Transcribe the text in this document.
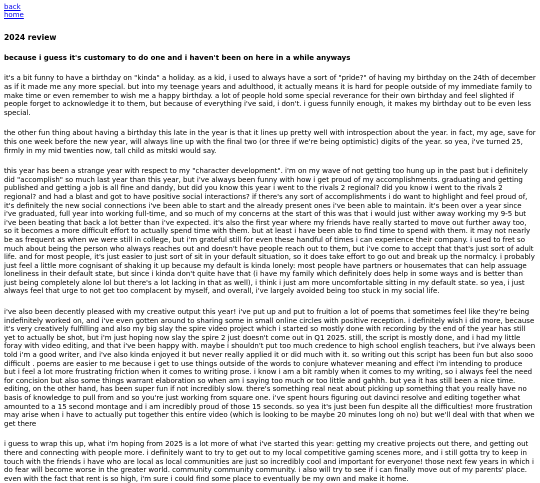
back
home
2024 review
because i guess it's customary to do one and i haven't been on here in a while anyways

it's a bit funny to have a birthday on "kinda" a holiday. as a kid, i used to always have a sort of "pride?" of having my birthday on the 24th of december as if it made me any more special. but into my teenage years and adulthood, it actually means it is hard for people outside of my immediate family to make time or even remember to wish me a happy birthday. a lot of people hold some special reverance for their own birthday and feel slighted if people forget to acknowledge it to them, but because of everything i've said, i don't. i guess funnily enough, it makes my birthday out to be even less special.

the other fun thing about having a birthday this late in the year is that it lines up pretty well with introspection about the year. in fact, my age, save for this one week before the new year, will always line up with the final two (or three if we're being optimistic) digits of the year. so yea, i've turned 25, firmly in my mid twenties now, tall child as mitski would say.

this year has been a strange year with respect to my "character development". i'm on my wave of not getting too hung up in the past but i definitely did "accomplish" so much last year than this year, but i've always been funny with how i get proud of my accomplishments. graduating and getting published and getting a job is all fine and dandy, but did you know this year i went to the rivals 2 regional? did you know i went to the rivals 2 regional? and had a blast and got to have positive social interactions? if there's any sort of accomplishments i do want to highlight and feel proud of, it's definitely the new social connections i've been able to start and the already present ones i've been able to maintain. it's been over a year since i've graduated, full year into working full-time, and so much of my concerns at the start of this was that i would just wither away working my 9-5 but i've been beating that back a lot better than i've expected. it's also the first year where my friends have really started to move out further away too, so it becomes a more difficult effort to actually spend time with them. but at least i have been able to find time to spend with them. it may not nearly be as frequent as when we were still in college, but i'm grateful still for even these handful of times i can experience their company. i used to fret so much about being the person who always reaches out and doesn't have people reach out to them, but i've come to accept that that's just sort of adult life. and for most people, it's just easier to just sort of sit in your default situation, so it does take effort to go out and break up the normalcy. i probably just feel a little more cognisant of shaking it up because my default is kinda lonely: most people have partners or housemates that can help assuage loneliness in their default state, but since i kinda don't quite have that (i have my family which definitely does help in some ways and is better than just being completely alone lol but there's a lot lacking in that as well), i think i just am more uncomfortable sitting in my default state. so yea, i just always feel that urge to not get too complacent by myself, and overall, i've largely avoided being too stuck in my social life.

i've also been decently pleased with my creative output this year! i've put up and put to fruition a lot of poems that sometimes feel like they're being indefinitely worked on, and i've even gotten around to sharing some in small online circles with positive reception. i definitely wish i did more, because it's very creatively fulfilling and also my big slay the spire video project which i started so mostly done with recording by the end of the year has still yet to actually be shot, but i'm just hoping now slay the spire 2 just doesn't come out in Q1 2025. still, the script is mostly done, and i had my little foray with video editing, and that i've been happy with. maybe i shouldn't put too much credence to high school english teachers, but i've always been told i'm a good writer, and i've also kinda enjoyed it but never really applied it or did much with it. so writing out this script has been fun but also sooo difficult . poems are easier to me because i get to use things outside of the words to conjure whatever meaning and effect i'm intending to produce but i feel a lot more frustrating friction when it comes to writing prose. i know i am a bit rambly when it comes to my writing, so i always feel the need for concision but also some things warrant elaboration so when am i saying too much or too little and gahhh. but yea it has still been a nice time. editing, on the other hand, has been super fun if not incredibly slow. there's something real neat about picking up something that you really have no basis of knowledge to pull from and so you're just working from square one. i've spent hours figuring out davinci resolve and editing together what amounted to a 15 second montage and i am incredibly proud of those 15 seconds. so yea it's just been fun despite all the difficulties! more frustration may arise when i have to actually put together this entire video (which is looking to be maybe 20 minutes long oh no) but we'll deal with that when we get there

i guess to wrap this up, what i'm hoping from 2025 is a lot more of what i've started this year: getting my creative projects out there, and getting out there and connecting with people more. i definitely want to try to get out to my local competitive gaming scenes more, and i still gotta try to keep in touch with the friends i have who are local as local communities are just so incredibly cool and important for everyone! those next few years in which i do fear will become worse in the greater world. community community community. i also will try to see if i can finally move out of my parents' place. even with the fact that rent is so high, i'm sure i could find some place to eventually be my own and make it home.
